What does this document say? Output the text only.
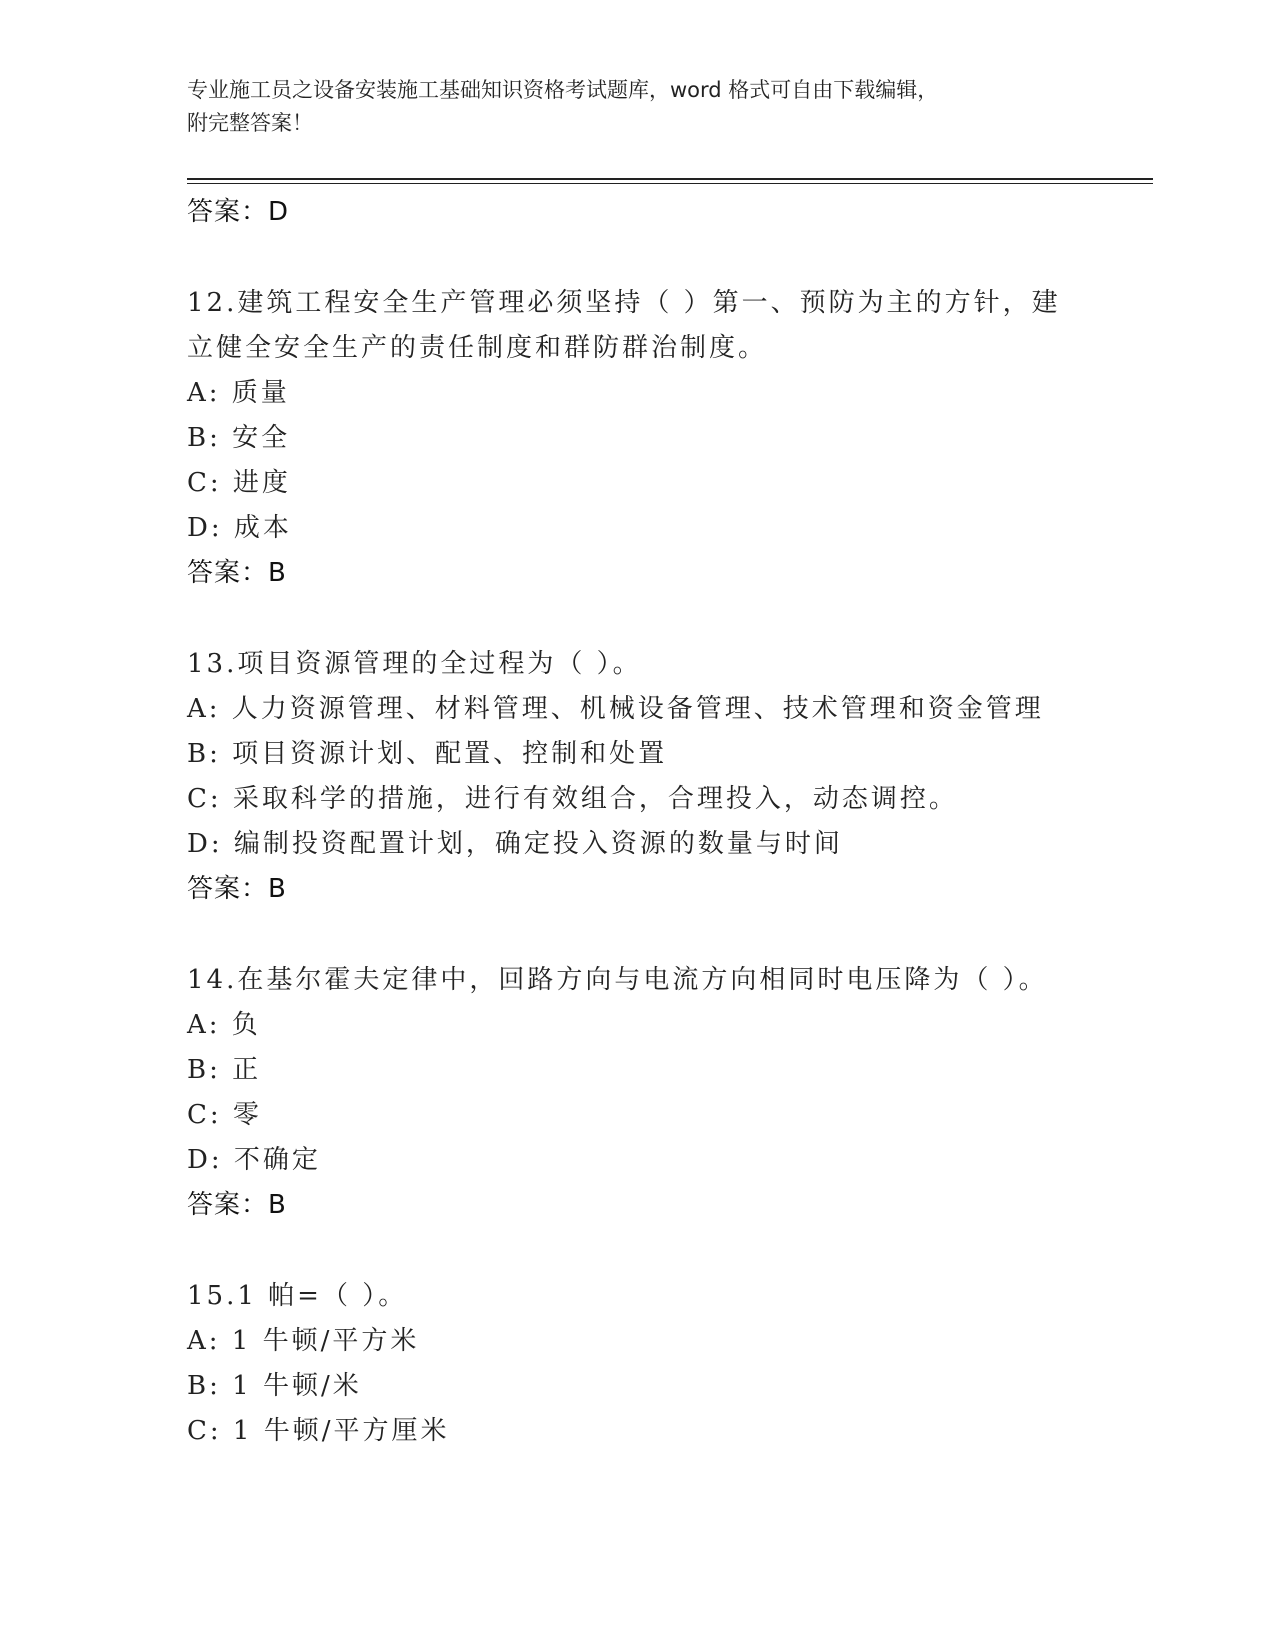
专业施工员之设备安装施工基础知识资格考试题库，word 格式可自由下载编辑，
附完整答案！
答案：D
12.建筑工程安全生产管理必须坚持（ ）第一、预防为主的方针，建
立健全安全生产的责任制度和群防群治制度。
A: 质量
B: 安全
C: 进度
D: 成本
答案：B
13.项目资源管理的全过程为（ ）。
A: 人力资源管理、材料管理、机械设备管理、技术管理和资金管理
B: 项目资源计划、配置、控制和处置
C: 采取科学的措施，进行有效组合，合理投入，动态调控。
D: 编制投资配置计划，确定投入资源的数量与时间
答案：B
14.在基尔霍夫定律中，回路方向与电流方向相同时电压降为（ ）。
A: 负
B: 正
C: 零
D: 不确定
答案：B
15.1 帕=（ ）。
A: 1 牛顿/平方米
B: 1 牛顿/米
C: 1 牛顿/平方厘米
